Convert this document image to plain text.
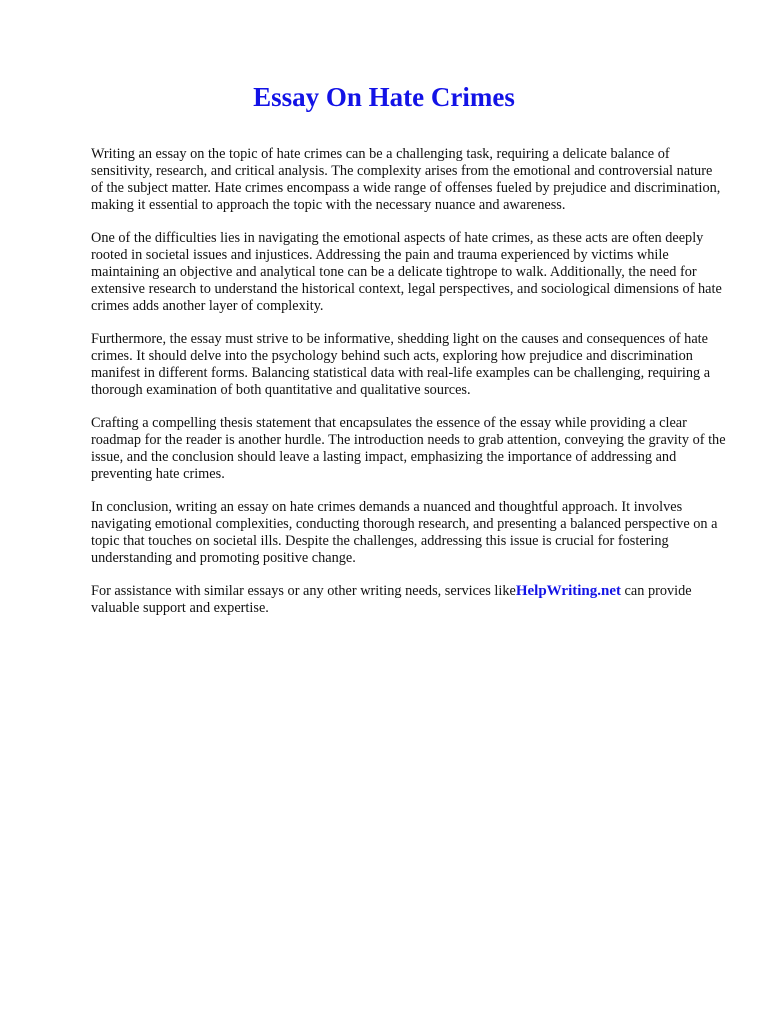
Essay On Hate Crimes

Writing an essay on the topic of hate crimes can be a challenging task, requiring a delicate balance of sensitivity, research, and critical analysis. The complexity arises from the emotional and controversial nature of the subject matter. Hate crimes encompass a wide range of offenses fueled by prejudice and discrimination, making it essential to approach the topic with the necessary nuance and awareness.

One of the difficulties lies in navigating the emotional aspects of hate crimes, as these acts are often deeply rooted in societal issues and injustices. Addressing the pain and trauma experienced by victims while maintaining an objective and analytical tone can be a delicate tightrope to walk. Additionally, the need for extensive research to understand the historical context, legal perspectives, and sociological dimensions of hate crimes adds another layer of complexity.

Furthermore, the essay must strive to be informative, shedding light on the causes and consequences of hate crimes. It should delve into the psychology behind such acts, exploring how prejudice and discrimination manifest in different forms. Balancing statistical data with real-life examples can be challenging, requiring a thorough examination of both quantitative and qualitative sources.

Crafting a compelling thesis statement that encapsulates the essence of the essay while providing a clear roadmap for the reader is another hurdle. The introduction needs to grab attention, conveying the gravity of the issue, and the conclusion should leave a lasting impact, emphasizing the importance of addressing and preventing hate crimes.

In conclusion, writing an essay on hate crimes demands a nuanced and thoughtful approach. It involves navigating emotional complexities, conducting thorough research, and presenting a balanced perspective on a topic that touches on societal ills. Despite the challenges, addressing this issue is crucial for fostering understanding and promoting positive change.

For assistance with similar essays or any other writing needs, services likeHelpWriting.net can provide valuable support and expertise.
